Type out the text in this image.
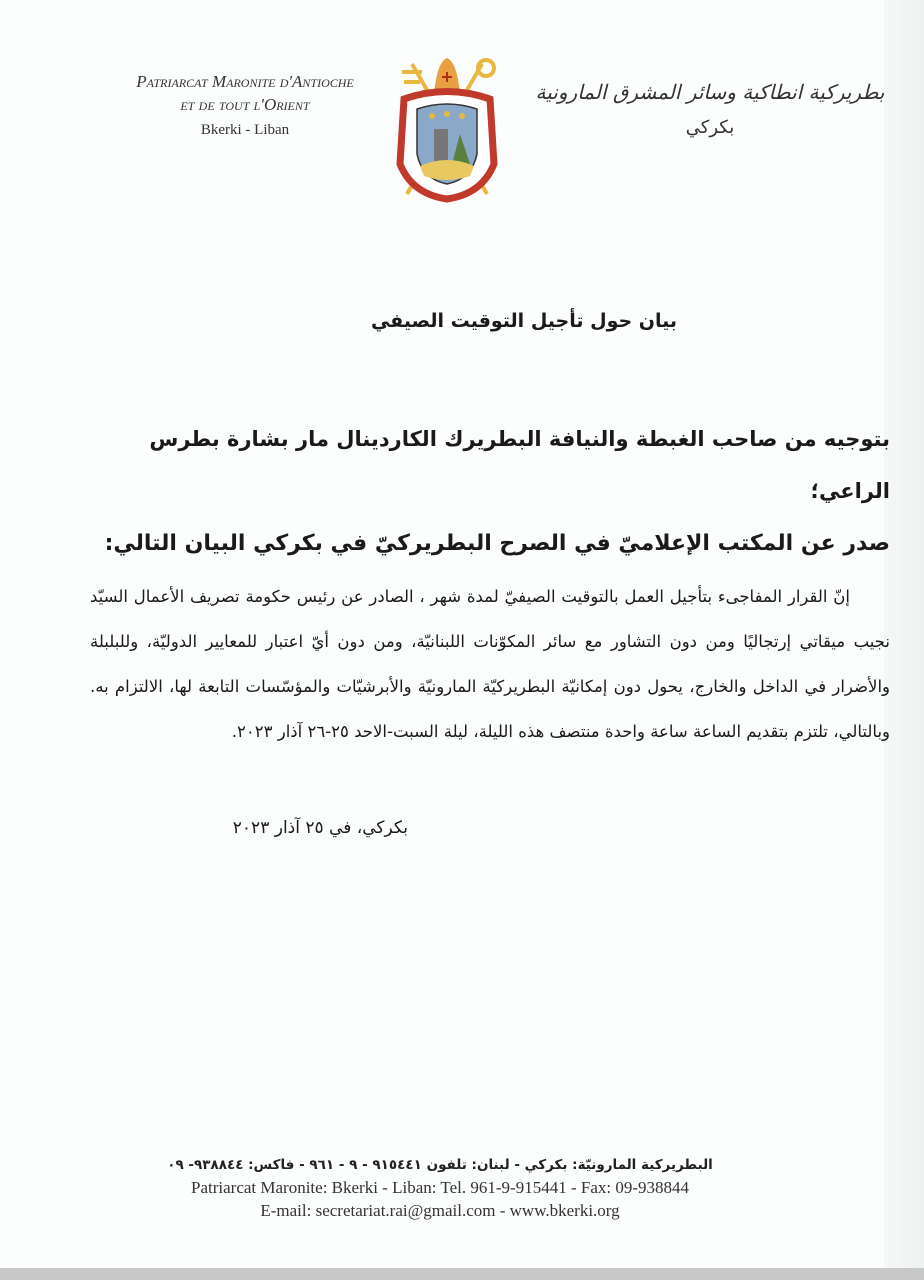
Patriarcat Maronite d'Antioche
et de tout l'Orient
Bkerki - Liban
بطريركية انطاكية وسائر المشرق المارونية
بكركي
بيان حول تأجيل التوقيت الصيفي
بتوجيه من صاحب الغبطة والنيافة البطريرك الكاردينال مار بشارة بطرس
الراعي؛
صدر عن المكتب الإعلاميّ في الصرح البطريركيّ في بكركي البيان التالي:
إنّ القرار المفاجىء بتأجيل العمل بالتوقيت الصيفيّ لمدة شهر ، الصادر عن رئيس حكومة تصريف الأعمال السيّد نجيب ميقاتي إرتجاليًا ومن دون التشاور مع سائر المكوّنات اللبنانيّة، ومن دون أيّ اعتبار للمعايير الدوليّة، وللبلبلة والأضرار في الداخل والخارج، يحول دون إمكانيّة البطريركيّة المارونيّة والأبرشيّات والمؤسّسات التابعة لها، الالتزام به. وبالتالي، تلتزم بتقديم الساعة ساعة واحدة منتصف هذه الليلة، ليلة السبت-الاحد ٢٥-٢٦ آذار ٢٠٢٣.
بكركي، في ٢٥ آذار ٢٠٢٣
البطريركية المارونيّة: بكركي - لبنان: تلفون ٩١٥٤٤١ - ٩ - ٩٦١ - فاكس: ٩٣٨٨٤٤- ٠٩
Patriarcat Maronite: Bkerki - Liban: Tel. 961-9-915441 - Fax: 09-938844
E-mail: secretariat.rai@gmail.com - www.bkerki.org
